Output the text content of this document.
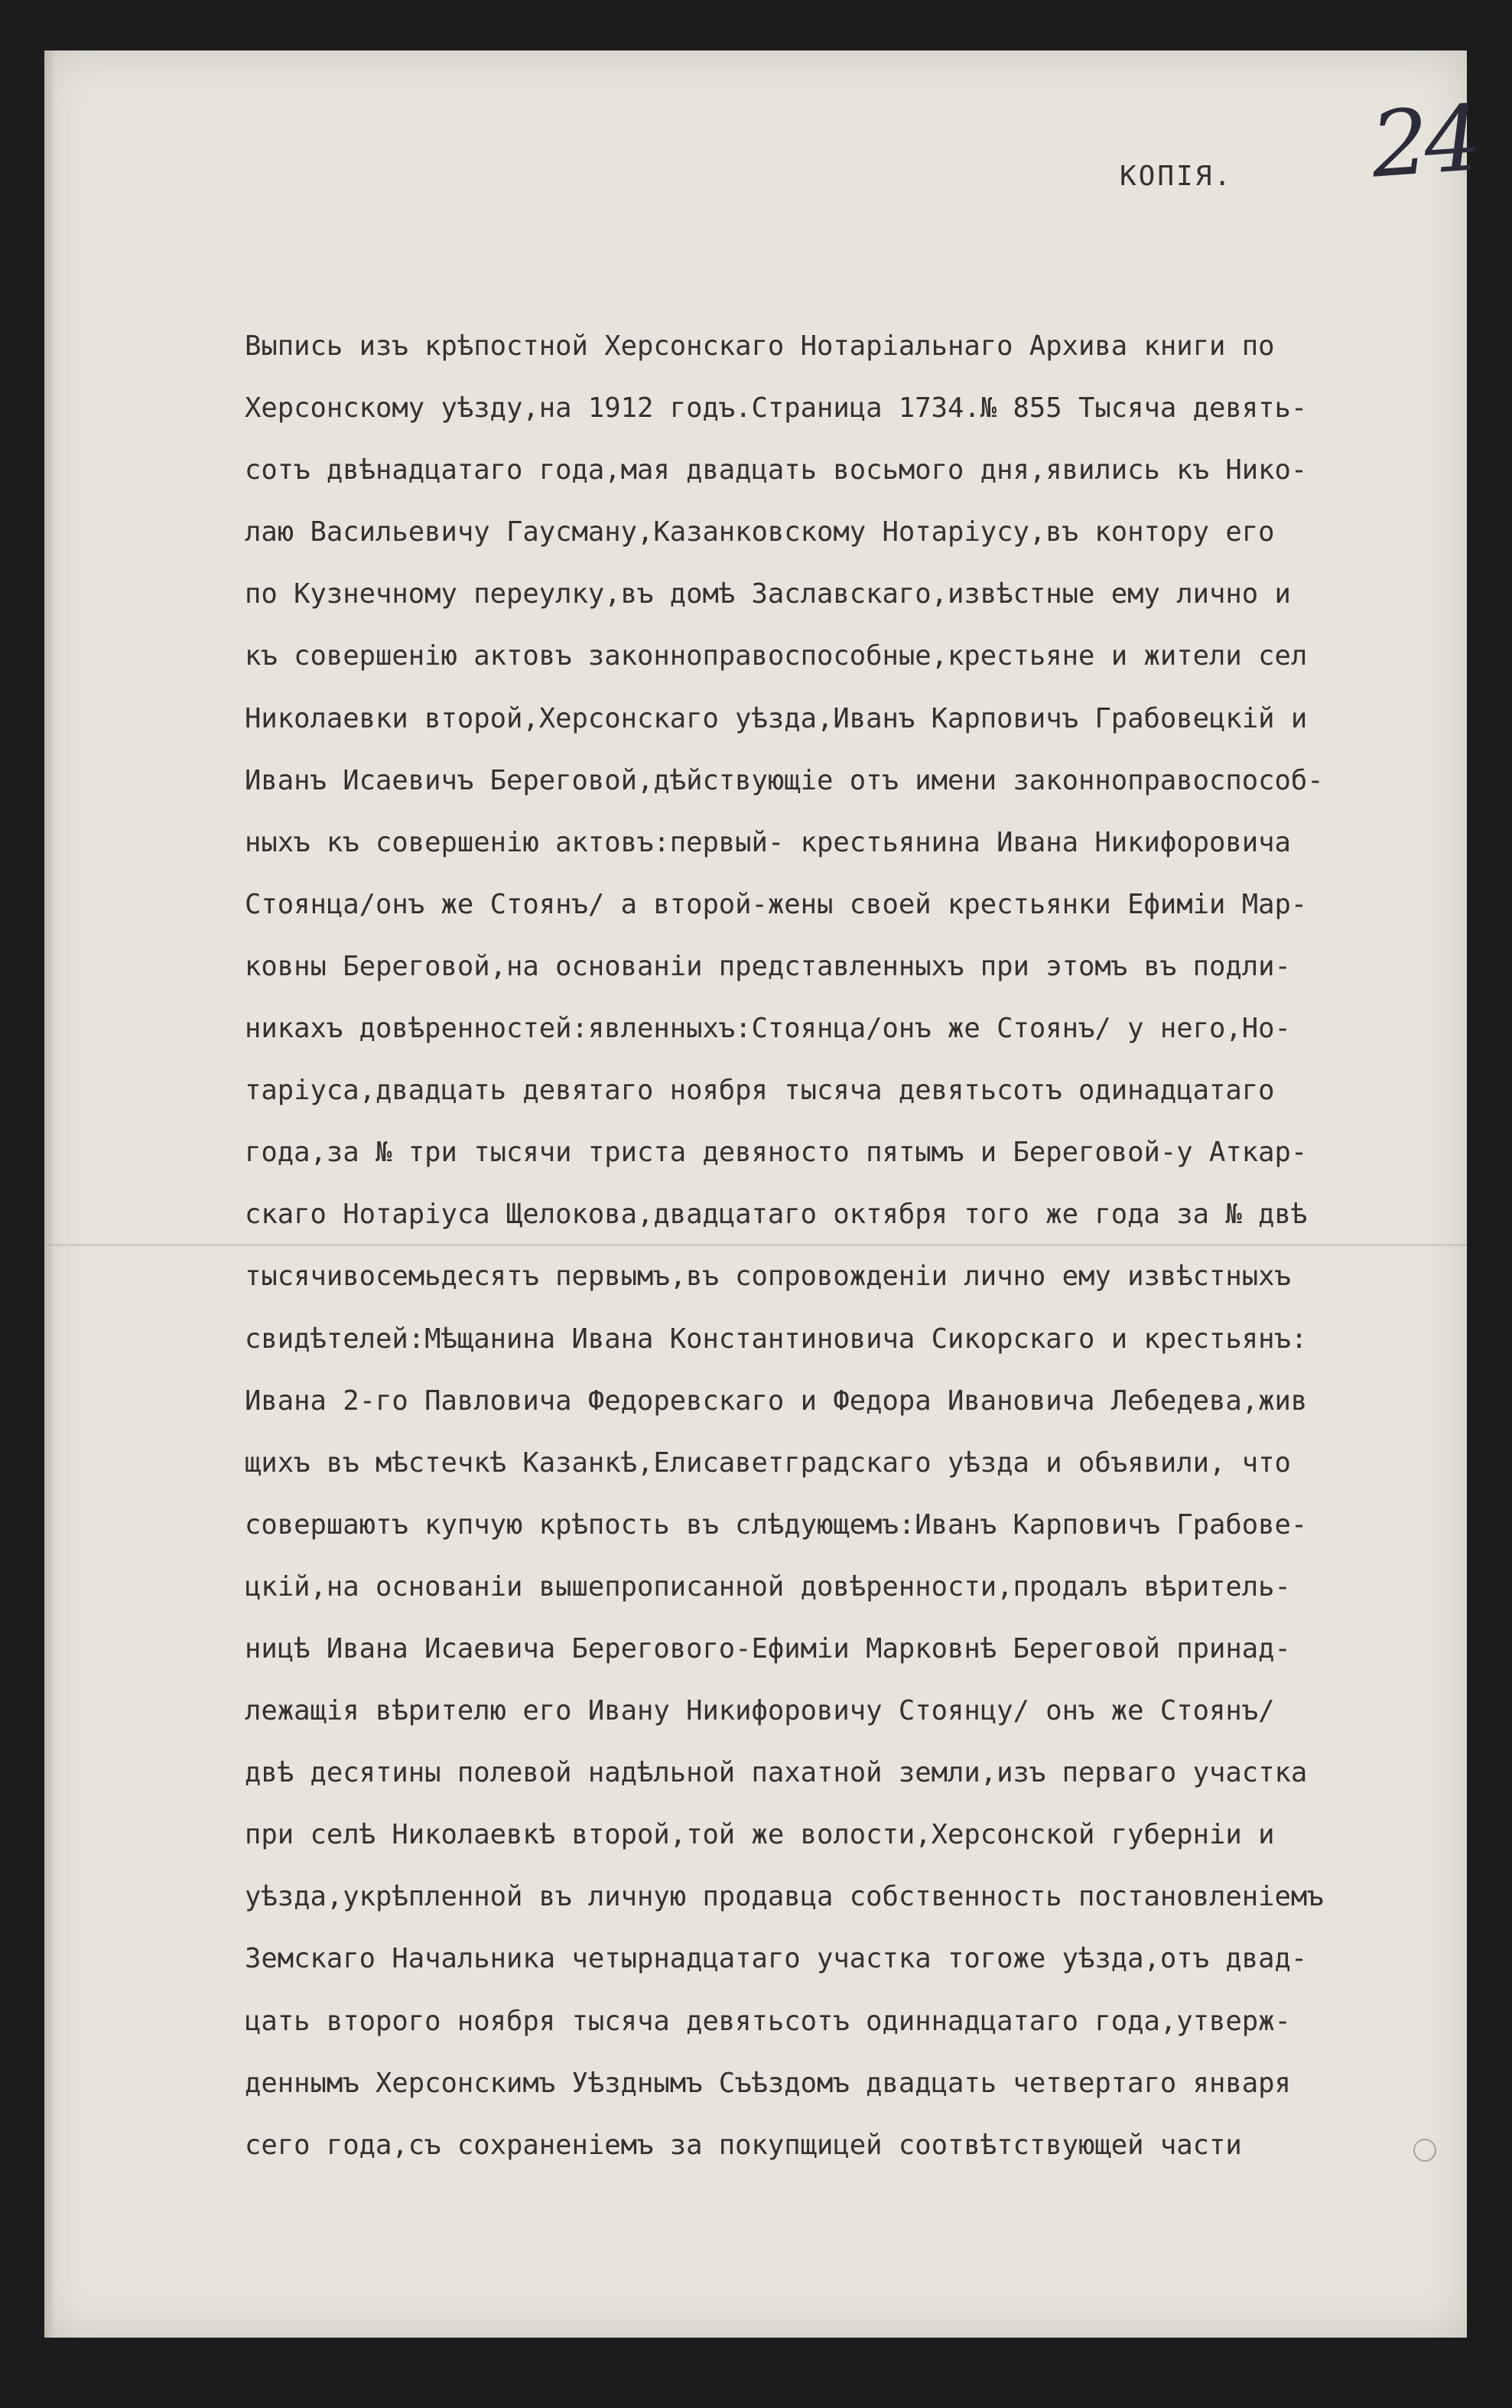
24
КОПІЯ.
Выпись изъ крѣпостной Херсонскаго Нотаріальнаго Архива книги по
Херсонскому уѣзду,на 1912 годъ.Страница 1734.№ 855 Тысяча девять-
сотъ двѣнадцатаго года,мая двадцать восьмого дня,явились къ Нико-
лаю Васильевичу Гаусману,Казанковскому Нотаріусу,въ контору его
по Кузнечному переулку,въ домѣ Заславскаго,извѣстные ему лично и
къ совершенію актовъ законноправоспособные,крестьяне и жители сел
Николаевки второй,Херсонскаго уѣзда,Иванъ Карповичъ Грабовецкій и
Иванъ Исаевичъ Береговой,дѣйствующіе отъ имени законноправоспособ-
ныхъ къ совершенію актовъ:первый- крестьянина Ивана Никифоровича
Стоянца/онъ же Стоянъ/ а второй-жены своей крестьянки Ефиміи Мар-
ковны Береговой,на основаніи представленныхъ при этомъ въ подли-
никахъ довѣренностей:явленныхъ:Стоянца/онъ же Стоянъ/ у него,Но-
таріуса,двадцать девятаго ноября тысяча девятьсотъ одинадцатаго
года,за № три тысячи триста девяносто пятымъ и Береговой-у Аткар-
скаго Нотаріуса Щелокова,двадцатаго октября того же года за № двѣ
тысячивосемьдесятъ первымъ,въ сопровожденіи лично ему извѣстныхъ
свидѣтелей:Мѣщанина Ивана Константиновича Сикорскаго и крестьянъ:
Ивана 2-го Павловича Федоревскаго и Федора Ивановича Лебедева,жив
щихъ въ мѣстечкѣ Казанкѣ,Елисаветградскаго уѣзда и объявили, что
совершаютъ купчую крѣпость въ слѣдующемъ:Иванъ Карповичъ Грабове-
цкій,на основаніи вышепрописанной довѣренности,продалъ вѣритель-
ницѣ Ивана Исаевича Берегового-Ефиміи Марковнѣ Береговой принад-
лежащія вѣрителю его Ивану Никифоровичу Стоянцу/ онъ же Стоянъ/
двѣ десятины полевой надѣльной пахатной земли,изъ перваго участка
при селѣ Николаевкѣ второй,той же волости,Херсонской губерніи и
уѣзда,укрѣпленной въ личную продавца собственность постановленіемъ
Земскаго Начальника четырнадцатаго участка тогоже уѣзда,отъ двад-
цать второго ноября тысяча девятьсотъ одиннадцатаго года,утверж-
деннымъ Херсонскимъ Уѣзднымъ Съѣздомъ двадцать четвертаго января
сего года,съ сохраненіемъ за покупщицей соотвѣтствующей части
